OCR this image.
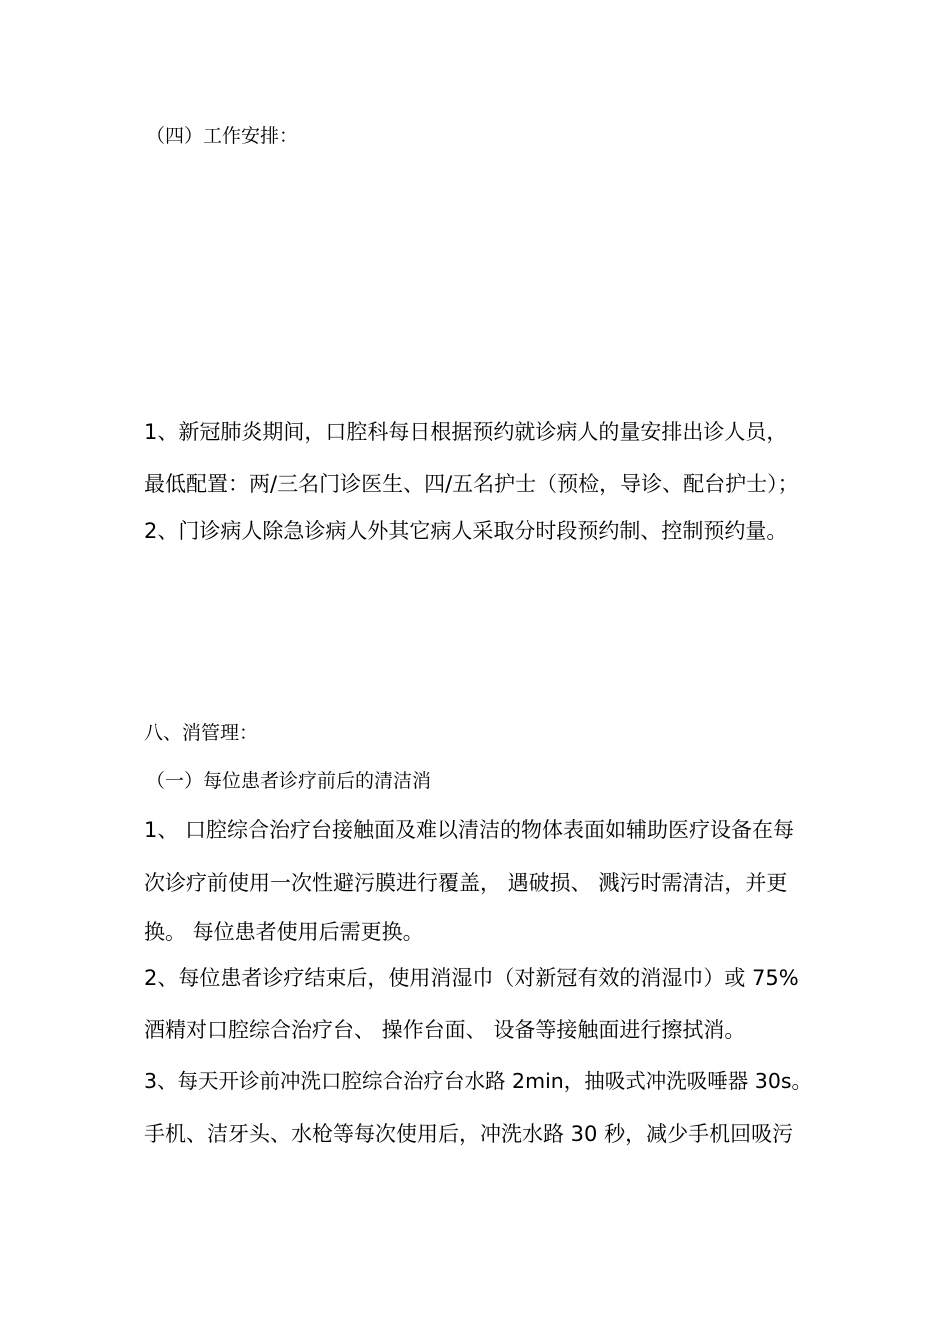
（四）工作安排：
1、新冠肺炎期间，口腔科每日根据预约就诊病人的量安排出诊人员，
最低配置：两/三名门诊医生、四/五名护士（预检，导诊、配台护士）；
2、门诊病人除急诊病人外其它病人采取分时段预约制、控制预约量。
八、消管理：
（一）每位患者诊疗前后的清洁消
1、 口腔综合治疗台接触面及难以清洁的物体表面如辅助医疗设备在每
次诊疗前使用一次性避污膜进行覆盖， 遇破损、 溅污时需清洁，并更
换。 每位患者使用后需更换。
2、每位患者诊疗结束后，使用消湿巾（对新冠有效的消湿巾）或 75%
酒精对口腔综合治疗台、 操作台面、 设备等接触面进行擦拭消。
3、每天开诊前冲洗口腔综合治疗台水路 2min，抽吸式冲洗吸唾器 30s。
手机、洁牙头、水枪等每次使用后，冲洗水路 30 秒，减少手机回吸污
